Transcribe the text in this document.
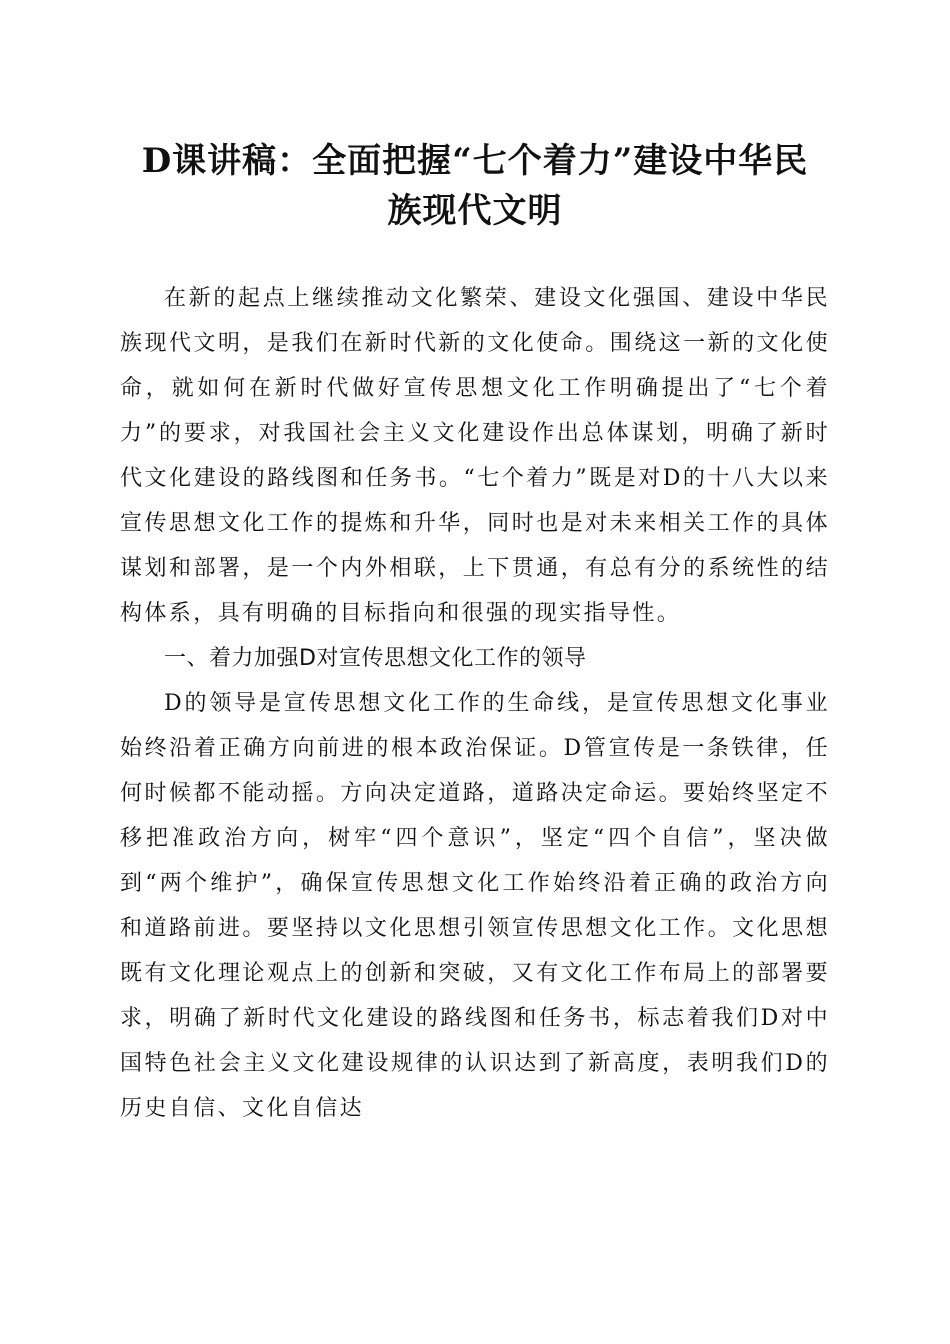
D课讲稿：全面把握“七个着力”建设中华民
族现代文明

在新的起点上继续推动文化繁荣、建设文化强国、建设中华民族现代文明，是我们在新时代新的文化使命。围绕这一新的文化使命，就如何在新时代做好宣传思想文化工作明确提出了“七个着力”的要求，对我国社会主义文化建设作出总体谋划，明确了新时代文化建设的路线图和任务书。“七个着力”既是对D的十八大以来宣传思想文化工作的提炼和升华，同时也是对未来相关工作的具体谋划和部署，是一个内外相联，上下贯通，有总有分的系统性的结构体系，具有明确的目标指向和很强的现实指导性。

一、着力加强D对宣传思想文化工作的领导

D的领导是宣传思想文化工作的生命线，是宣传思想文化事业始终沿着正确方向前进的根本政治保证。D管宣传是一条铁律，任何时候都不能动摇。方向决定道路，道路决定命运。要始终坚定不移把准政治方向，树牢“四个意识”，坚定“四个自信”，坚决做到“两个维护”，确保宣传思想文化工作始终沿着正确的政治方向和道路前进。要坚持以文化思想引领宣传思想文化工作。文化思想既有文化理论观点上的创新和突破，又有文化工作布局上的部署要求，明确了新时代文化建设的路线图和任务书，标志着我们D对中国特色社会主义文化建设规律的认识达到了新高度，表明我们D的历史自信、文化自信达
